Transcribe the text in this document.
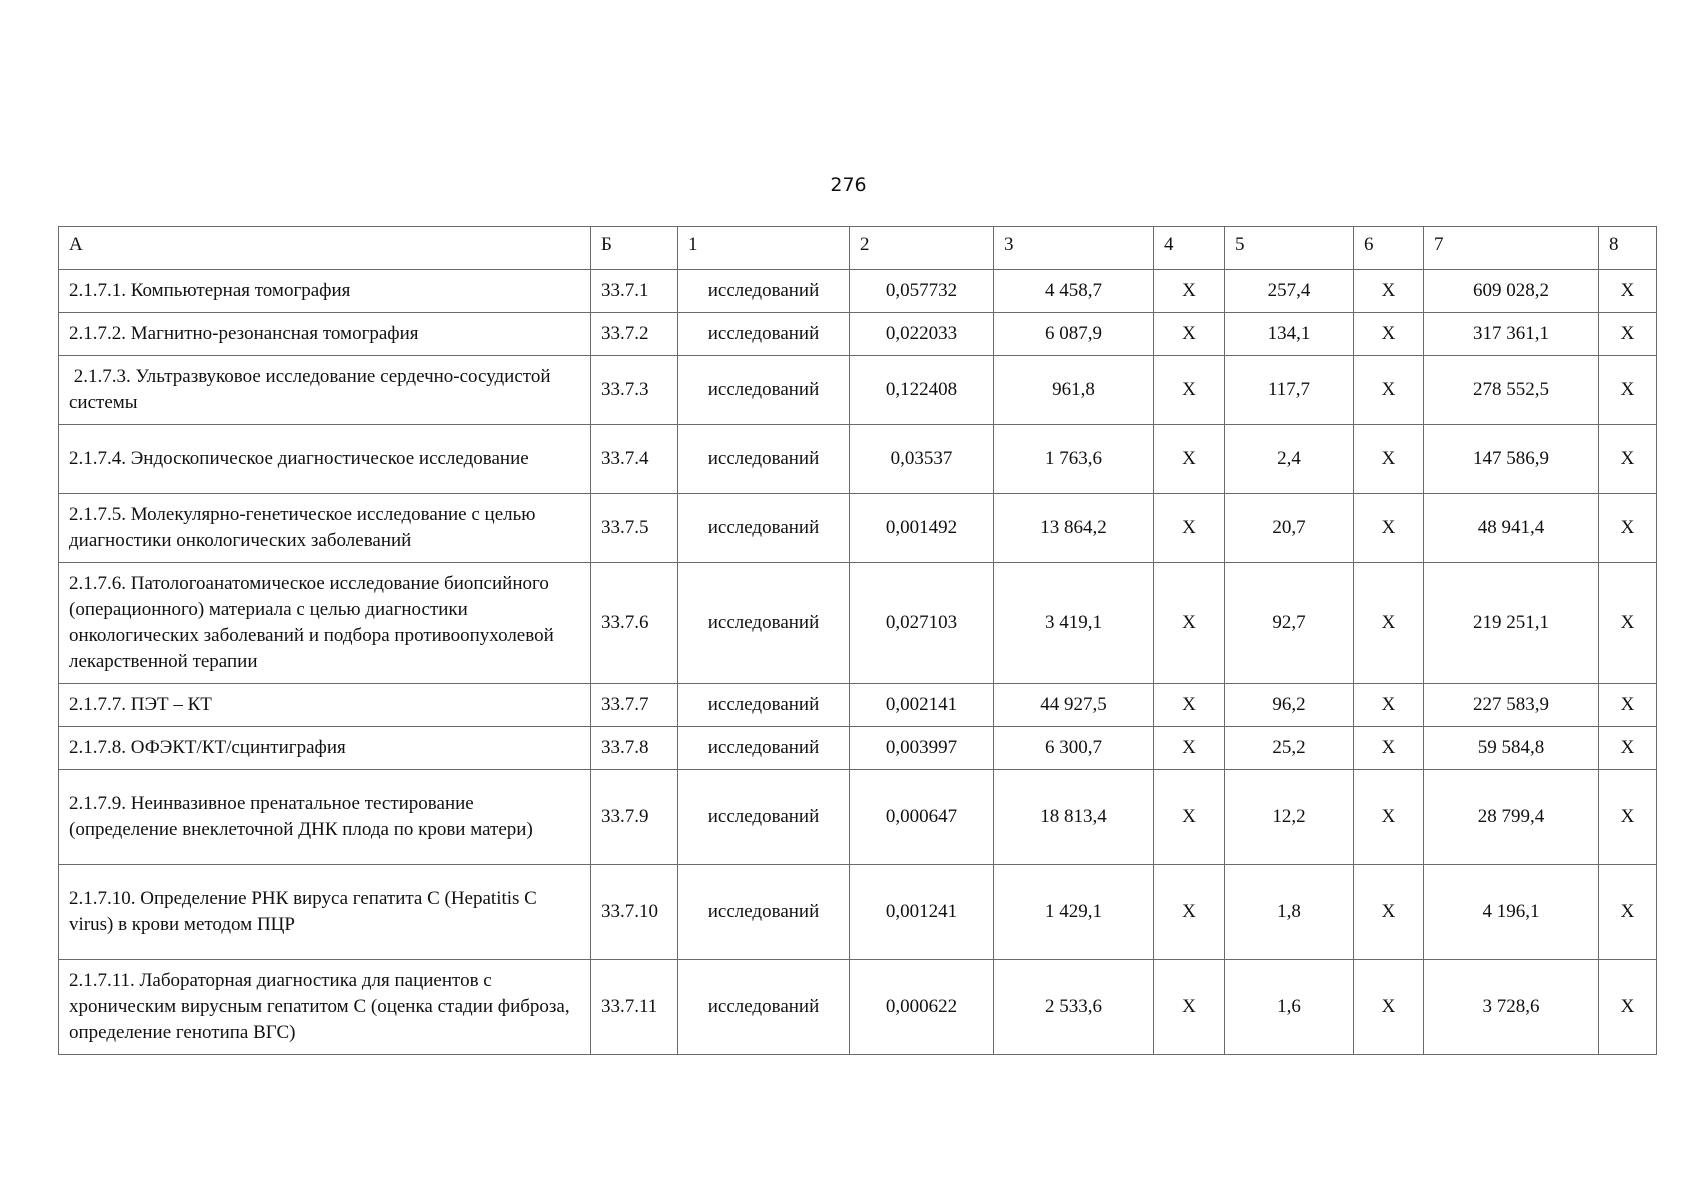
276
А	Б	1	2	3	4	5	6	7	8
2.1.7.1. Компьютерная томография	33.7.1	исследований	0,057732	4 458,7	Х	257,4	Х	609 028,2	Х
2.1.7.2. Магнитно-резонансная томография	33.7.2	исследований	0,022033	6 087,9	Х	134,1	Х	317 361,1	Х
2.1.7.3. Ультразвуковое исследование сердечно-сосудистой системы	33.7.3	исследований	0,122408	961,8	Х	117,7	Х	278 552,5	Х
2.1.7.4. Эндоскопическое диагностическое исследование	33.7.4	исследований	0,03537	1 763,6	Х	2,4	Х	147 586,9	Х
2.1.7.5. Молекулярно-генетическое исследование с целью диагностики онкологических заболеваний	33.7.5	исследований	0,001492	13 864,2	Х	20,7	Х	48 941,4	Х
2.1.7.6. Патологоанатомическое исследование биопсийного (операционного) материала с целью диагностики онкологических заболеваний и подбора противоопухолевой лекарственной терапии	33.7.6	исследований	0,027103	3 419,1	Х	92,7	Х	219 251,1	Х
2.1.7.7. ПЭТ – КТ	33.7.7	исследований	0,002141	44 927,5	Х	96,2	Х	227 583,9	Х
2.1.7.8. ОФЭКТ/КТ/сцинтиграфия	33.7.8	исследований	0,003997	6 300,7	Х	25,2	Х	59 584,8	Х
2.1.7.9. Неинвазивное пренатальное тестирование (определение внеклеточной ДНК плода по крови матери)	33.7.9	исследований	0,000647	18 813,4	Х	12,2	Х	28 799,4	Х
2.1.7.10. Определение РНК вируса гепатита С (Hepatitis C virus) в крови методом ПЦР	33.7.10	исследований	0,001241	1 429,1	Х	1,8	Х	4 196,1	Х
2.1.7.11. Лабораторная диагностика для пациентов с хроническим вирусным гепатитом С (оценка стадии фиброза, определение генотипа ВГС)	33.7.11	исследований	0,000622	2 533,6	Х	1,6	Х	3 728,6	Х
